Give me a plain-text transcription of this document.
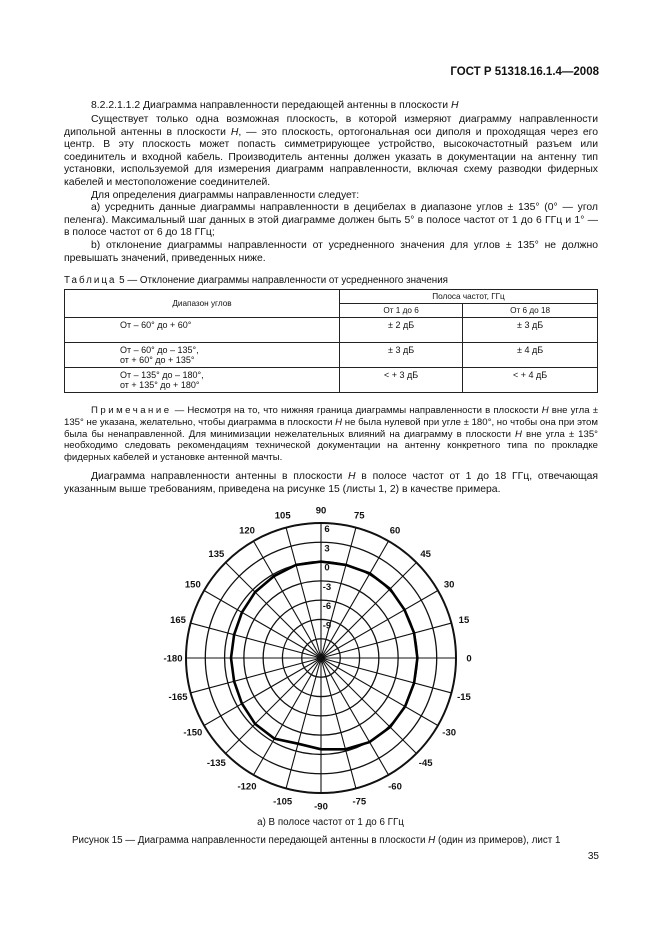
ГОСТ Р 51318.16.1.4—2008
8.2.2.1.1.2 Диаграмма направленности передающей антенны в плоскости H

Существует только одна возможная плоскость, в которой измеряют диаграмму направленности дипольной антенны в плоскости H, — это плоскость, ортогональная оси диполя и проходящая через его центр. В эту плоскость может попасть симметрирующее устройство, высокочастотный разъем или соединитель и входной кабель. Производитель антенны должен указать в документации на антенну тип установки, используемой для измерения диаграмм направленности, включая схему разводки фидерных кабелей и местоположение соединителей.

Для определения диаграммы направленности следует:

а) усреднить данные диаграммы направленности в децибелах в диапазоне углов ± 135° (0° — угол пеленга). Максимальный шаг данных в этой диаграмме должен быть 5° в полосе частот от 1 до 6 ГГц и 1° — в полосе частот от 6 до 18 ГГц;

b) отклонение диаграммы направленности от усредненного значения для углов ± 135° не должно превышать значений, приведенных ниже.

Таблица 5 — Отклонение диаграммы направленности от усредненного значения
Диапазон углов	Полоса частот, ГГц	
	От 1 до 6	От 6 до 18
От – 60° до + 60°	± 2 дБ	± 3 дБ
От – 60° до – 135°,
от + 60° до + 135°	± 3 дБ	± 4 дБ
От – 135° до – 180°,
от + 135° до + 180°	< + 3 дБ	< + 4 дБ

Примечание — Несмотря на то, что нижняя граница диаграммы направленности в плоскости H вне угла ± 135° не указана, желательно, чтобы диаграмма в плоскости H не была нулевой при угле ± 180°, но чтобы она при этом была бы ненаправленной. Для минимизации нежелательных влияний на диаграмму в плоскости H вне угла ± 135° необходимо следовать рекомендациям технической документации на антенну конкретного типа по прокладке фидерных кабелей и установке антенной мачты.

Диаграмма направленности антенны в плоскости H в полосе частот от 1 до 18 ГГц, отвечающая указанным выше требованиям, приведена на рисунке 15 (листы 1, 2) в качестве примера.

0
15
30
45
60
75
90
105
120
135
150
165
-180
-165
-150
-135
-120
-105 -90	-75
-60
-45
-30
-15
6
3
0
-3
-6
-9
а) В полосе частот от 1 до 6 ГГц
Рисунок 15 — Диаграмма направленности передающей антенны в плоскости H (один из примеров), лист 1
35
